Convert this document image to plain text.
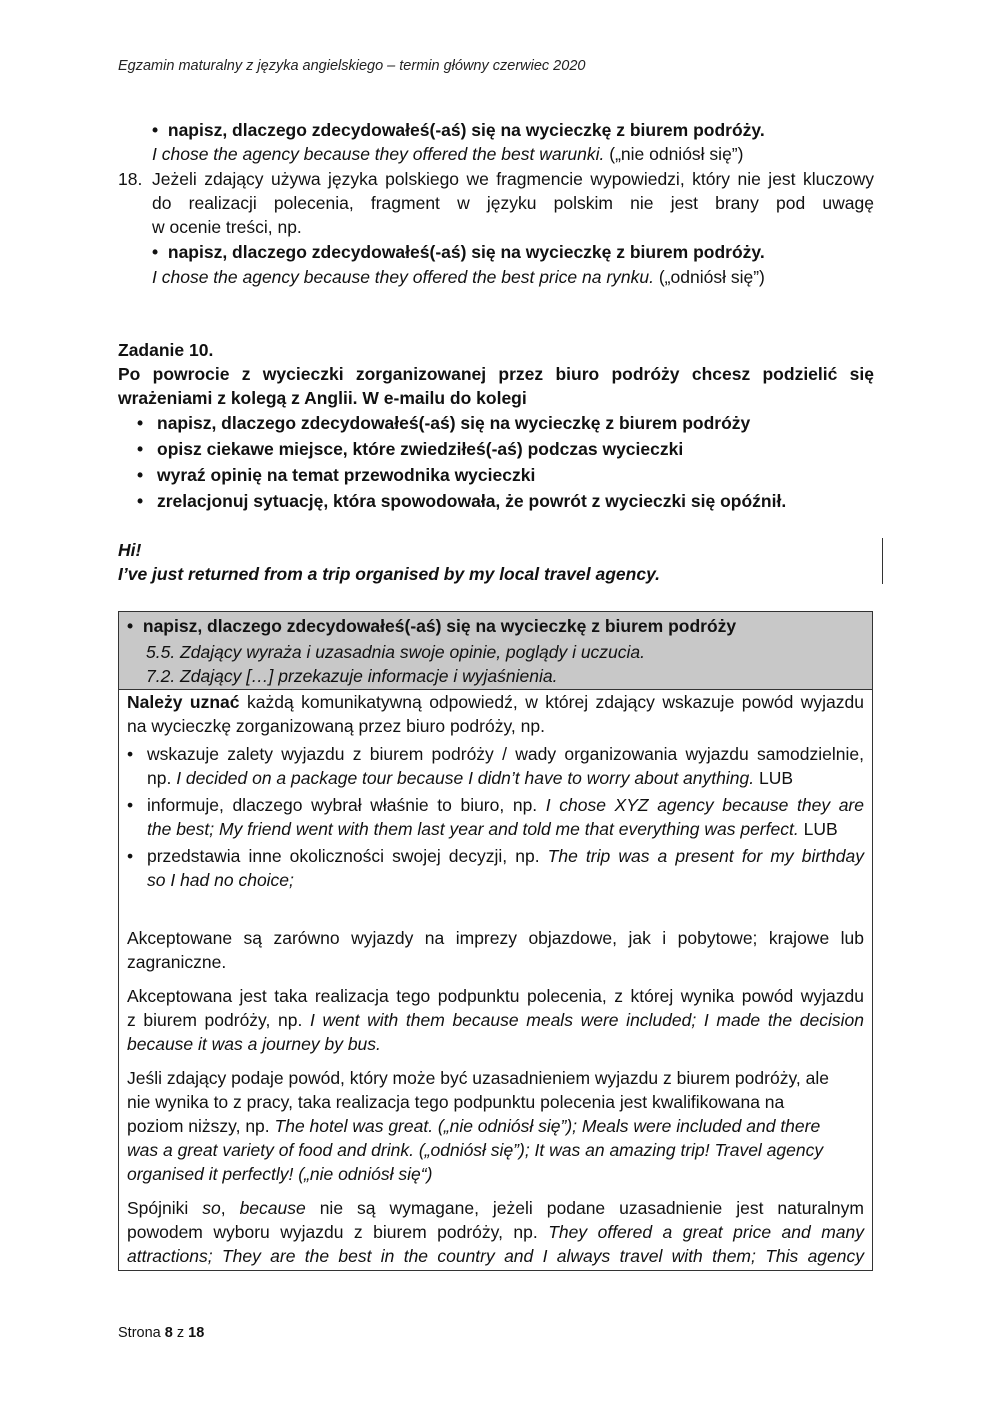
Egzamin maturalny z języka angielskiego – termin główny czerwiec 2020
• napisz, dlaczego zdecydowałeś(-aś) się na wycieczkę z biurem podróży.
I chose the agency because they offered the best warunki. („nie odniósł się”)
18. Jeżeli zdający używa języka polskiego we fragmencie wypowiedzi, który nie jest kluczowy
do realizacji polecenia, fragment w języku polskim nie jest brany pod uwagę
w ocenie treści, np.
• napisz, dlaczego zdecydowałeś(-aś) się na wycieczkę z biurem podróży.
I chose the agency because they offered the best price na rynku. („odniósł się”)
Zadanie 10.
Po powrocie z wycieczki zorganizowanej przez biuro podróży chcesz podzielić się
wrażeniami z kolegą z Anglii. W e-mailu do kolegi
• napisz, dlaczego zdecydowałeś(-aś) się na wycieczkę z biurem podróży
• opisz ciekawe miejsce, które zwiedziłeś(-aś) podczas wycieczki
• wyraź opinię na temat przewodnika wycieczki
• zrelacjonuj sytuację, która spowodowała, że powrót z wycieczki się opóźnił.
Hi!
I’ve just returned from a trip organised by my local travel agency.
• napisz, dlaczego zdecydowałeś(-aś) się na wycieczkę z biurem podróży
5.5. Zdający wyraża i uzasadnia swoje opinie, poglądy i uczucia.
7.2. Zdający […] przekazuje informacje i wyjaśnienia.
Należy uznać każdą komunikatywną odpowiedź, w której zdający wskazuje powód wyjazdu
na wycieczkę zorganizowaną przez biuro podróży, np.
• wskazuje zalety wyjazdu z biurem podróży / wady organizowania wyjazdu samodzielnie,
np. I decided on a package tour because I didn’t have to worry about anything. LUB
• informuje, dlaczego wybrał właśnie to biuro, np. I chose XYZ agency because they are
the best; My friend went with them last year and told me that everything was perfect. LUB
• przedstawia inne okoliczności swojej decyzji, np. The trip was a present for my birthday
so I had no choice;
Akceptowane są zarówno wyjazdy na imprezy objazdowe, jak i pobytowe; krajowe lub
zagraniczne.
Akceptowana jest taka realizacja tego podpunktu polecenia, z której wynika powód wyjazdu
z biurem podróży, np. I went with them because meals were included; I made the decision
because it was a journey by bus.
Jeśli zdający podaje powód, który może być uzasadnieniem wyjazdu z biurem podróży, ale
nie wynika to z pracy, taka realizacja tego podpunktu polecenia jest kwalifikowana na
poziom niższy, np. The hotel was great. („nie odniósł się”); Meals were included and there
was a great variety of food and drink. („odniósł się”); It was an amazing trip! Travel agency
organised it perfectly! („nie odniósł się“)
Spójniki so, because nie są wymagane, jeżeli podane uzasadnienie jest naturalnym
powodem wyboru wyjazdu z biurem podróży, np. They offered a great price and many
attractions; They are the best in the country and I always travel with them; This agency
Strona 8 z 18
